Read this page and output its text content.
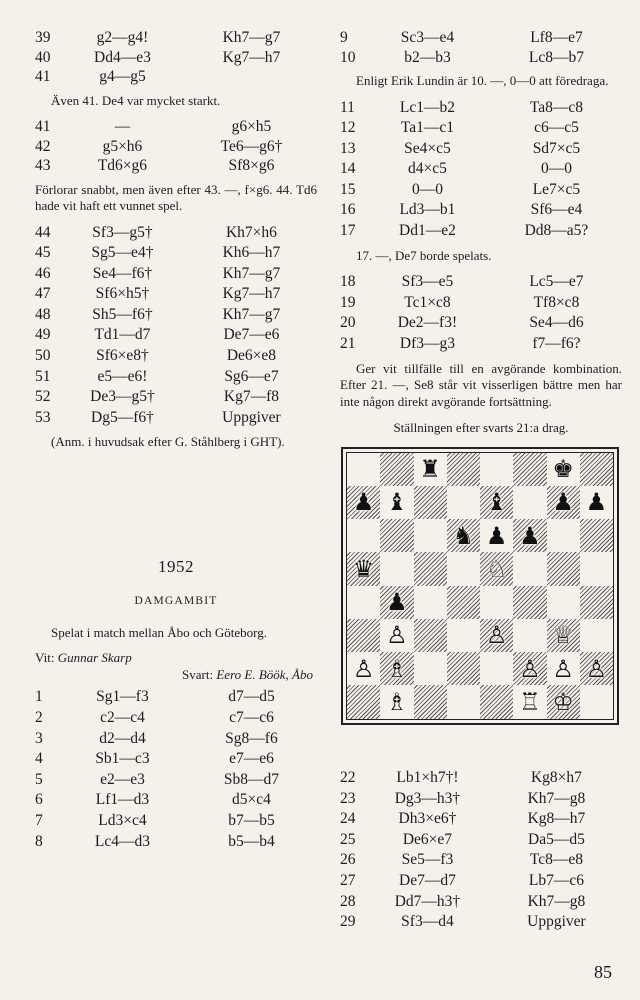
39	g2—g4!	Kh7—g7
40	Dd4—e3	Kg7—h7
41	g4—g5	

Även 41. De4 var mycket starkt.

41	—	g6×h5
42	g5×h6	Te6—g6†
43	Td6×g6	Sf8×g6

Förlorar snabbt, men även efter 43. —, f×g6. 44. Td6 hade vit haft ett vunnet spel.

44	Sf3—g5†	Kh7×h6
45	Sg5—e4†	Kh6—h7
46	Se4—f6†	Kh7—g7
47	Sf6×h5†	Kg7—h7
48	Sh5—f6†	Kh7—g7
49	Td1—d7	De7—e6
50	Sf6×e8†	De6×e8
51	e5—e6!	Sg6—e7
52	De3—g5†	Kg7—f8
53	Dg5—f6†	Uppgiver

(Anm. i huvudsak efter G. Ståhlberg i GHT).

1952
DAMGAMBIT

Spelat i match mellan Åbo och Göteborg.

Vit: Gunnar Skarp
Svart: Eero E. Böök, Åbo
1	Sg1—f3	d7—d5
2	c2—c4	c7—c6
3	d2—d4	Sg8—f6
4	Sb1—c3	e7—e6
5	e2—e3	Sb8—d7
6	Lf1—d3	d5×c4
7	Ld3×c4	b7—b5
8	Lc4—d3	b5—b4
9	Sc3—e4	Lf8—e7
10	b2—b3	Lc8—b7

Enligt Erik Lundin är 10. —, 0—0 att föredraga.

11	Lc1—b2	Ta8—c8
12	Ta1—c1	c6—c5
13	Se4×c5	Sd7×c5
14	d4×c5	0—0
15	0—0	Le7×c5
16	Ld3—b1	Sf6—e4
17	Dd1—e2	Dd8—a5?

17. —, De7 borde spelats.

18	Sf3—e5	Lc5—e7
19	Tc1×c8	Tf8×c8
20	De2—f3!	Se4—d6
21	Df3—g3	f7—f6?

Ger vit tillfälle till en avgörande kombination. Efter 21. —, Se8 står vit visserligen bättre men har inte någon direkt avgörande fortsättning.

Ställningen efter svarts 21:a drag.

♜	♚
♟ ♝	♝ ♟ ♟
♞ ♟ ♟
♛	♘
♟
♙	♙ ♕
♙ ♗	♙ ♙ ♙
♗	♖ ♔
22	Lb1×h7†!	Kg8×h7
23	Dg3—h3†	Kh7—g8
24	Dh3×e6†	Kg8—h7
25	De6×e7	Da5—d5
26	Se5—f3	Tc8—e8
27	De7—d7	Lb7—c6
28	Dd7—h3†	Kh7—g8
29	Sf3—d4	Uppgiver
85
